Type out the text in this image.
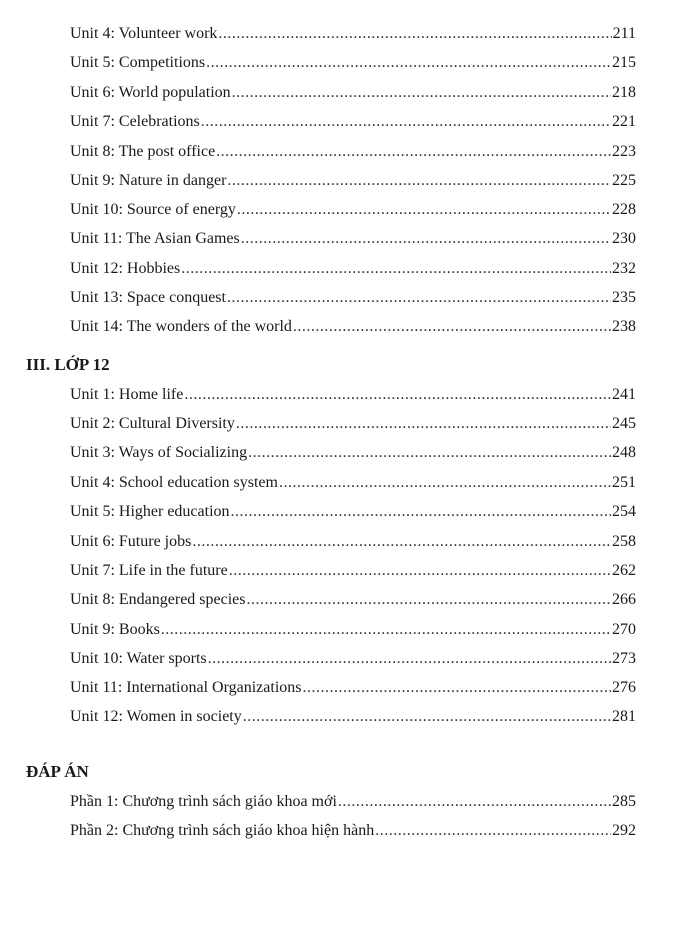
Unit 4: Volunteer work .....	211
Unit 5: Competitions .....	215
Unit 6: World population .....	218
Unit 7: Celebrations .....	221
Unit 8: The post office .....	223
Unit 9: Nature in danger .....	225
Unit 10: Source of energy .....	228
Unit 11: The Asian Games .....	230
Unit 12: Hobbies .....	232
Unit 13: Space conquest .....	235
Unit 14: The wonders of the world .....	238
III. LỚP 12
Unit 1: Home life .....	241
Unit 2: Cultural Diversity .....	245
Unit 3: Ways of Socializing .....	248
Unit 4: School education system .....	251
Unit 5: Higher education .....	254
Unit 6: Future jobs .....	258
Unit 7: Life in the future .....	262
Unit 8: Endangered species .....	266
Unit 9: Books .....	270
Unit 10: Water sports .....	273
Unit 11: International Organizations .....	276
Unit 12: Women in society .....	281
ĐÁP ÁN
Phần 1: Chương trình sách giáo khoa mới .....	285
Phần 2: Chương trình sách giáo khoa hiện hành .....	292
